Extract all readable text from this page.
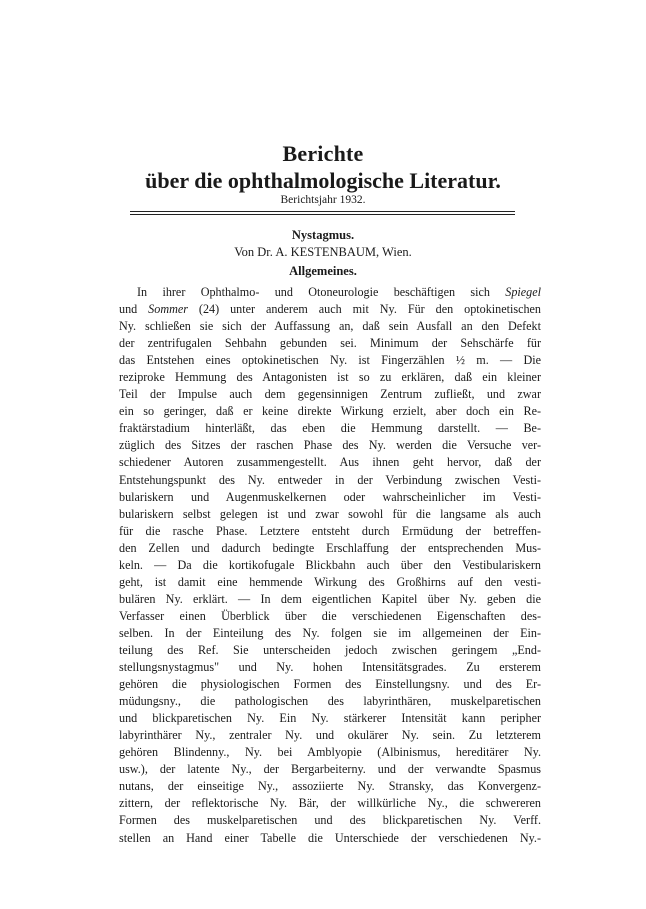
Berichte
über die ophthalmologische Literatur.
Berichtsjahr 1932.
Nystagmus.
Von Dr. A. KESTENBAUM, Wien.
Allgemeines.
In ihrer Ophthalmo- und Otoneurologie beschäftigen sich Spiegel
und Sommer (24) unter anderem auch mit Ny. Für den optokinetischen
Ny. schließen sie sich der Auffassung an, daß sein Ausfall an den Defekt
der zentrifugalen Sehbahn gebunden sei. Minimum der Sehschärfe für
das Entstehen eines optokinetischen Ny. ist Fingerzählen ½ m. — Die
reziproke Hemmung des Antagonisten ist so zu erklären, daß ein kleiner
Teil der Impulse auch dem gegensinnigen Zentrum zufließt, und zwar
ein so geringer, daß er keine direkte Wirkung erzielt, aber doch ein Re-
fraktärstadium hinterläßt, das eben die Hemmung darstellt. — Be-
züglich des Sitzes der raschen Phase des Ny. werden die Versuche ver-
schiedener Autoren zusammengestellt. Aus ihnen geht hervor, daß der
Entstehungspunkt des Ny. entweder in der Verbindung zwischen Vesti-
bulariskern und Augenmuskelkernen oder wahrscheinlicher im Vesti-
bulariskern selbst gelegen ist und zwar sowohl für die langsame als auch
für die rasche Phase. Letztere entsteht durch Ermüdung der betreffen-
den Zellen und dadurch bedingte Erschlaffung der entsprechenden Mus-
keln. — Da die kortikofugale Blickbahn auch über den Vestibulariskern
geht, ist damit eine hemmende Wirkung des Großhirns auf den vesti-
bulären Ny. erklärt. — In dem eigentlichen Kapitel über Ny. geben die
Verfasser einen Überblick über die verschiedenen Eigenschaften des-
selben. In der Einteilung des Ny. folgen sie im allgemeinen der Ein-
teilung des Ref. Sie unterscheiden jedoch zwischen geringem „End-
stellungsnystagmus" und Ny. hohen Intensitätsgrades. Zu ersterem
gehören die physiologischen Formen des Einstellungsny. und des Er-
müdungsny., die pathologischen des labyrinthären, muskelparetischen
und blickparetischen Ny. Ein Ny. stärkerer Intensität kann peripher
labyrinthärer Ny., zentraler Ny. und okulärer Ny. sein. Zu letzterem
gehören Blindenny., Ny. bei Amblyopie (Albinismus, hereditärer Ny.
usw.), der latente Ny., der Bergarbeiterny. und der verwandte Spasmus
nutans, der einseitige Ny., assoziierte Ny. Stransky, das Konvergenz-
zittern, der reflektorische Ny. Bär, der willkürliche Ny., die schwereren
Formen des muskelparetischen und des blickparetischen Ny. Verff.
stellen an Hand einer Tabelle die Unterschiede der verschiedenen Ny.-
